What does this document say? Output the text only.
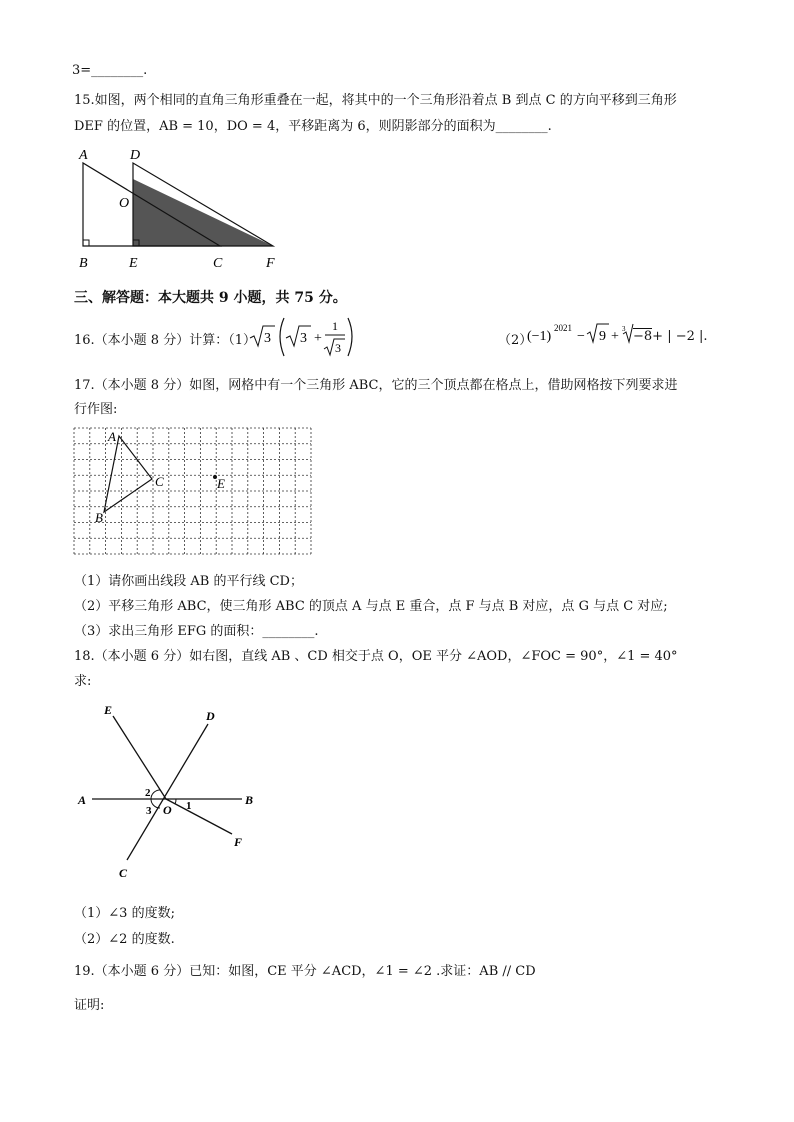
3=________.
15.如图，两个相同的直角三角形重叠在一起，将其中的一个三角形沿着点 B 到点 C 的方向平移到三角形
DEF 的位置，AB = 10，DO = 4，平移距离为 6，则阴影部分的面积为________.
A	D
O
B	E	C	F
三、解答题：本大题共 9 小题，共 75 分。
16.（本小题 8 分）计算：（1） 3 3 +
1
3	（2）
(−1)
2021
− 9 + 3 −8+ | −2 |.
17.（本小题 8 分）如图，网格中有一个三角形 ABC，它的三个顶点都在格点上，借助网格按下列要求进
行作图:
A
B
C	E
（1）请你画出线段 AB 的平行线 CD；
（2）平移三角形 ABC，使三角形 ABC 的顶点 A 与点 E 重合，点 F 与点 B 对应，点 G 与点 C 对应;
（3）求出三角形 EFG 的面积：________.
18.（本小题 6 分）如右图，直线 AB 、CD 相交于点 O，OE 平分 ∠AOD，∠FOC = 90°，∠1 = 40°
求:
E	D
A	B
O
F
C
1
2
3
（1）∠3 的度数;
（2）∠2 的度数.
19.（本小题 6 分）已知：如图，CE 平分 ∠ACD，∠1 = ∠2 .求证：AB // CD
证明:
